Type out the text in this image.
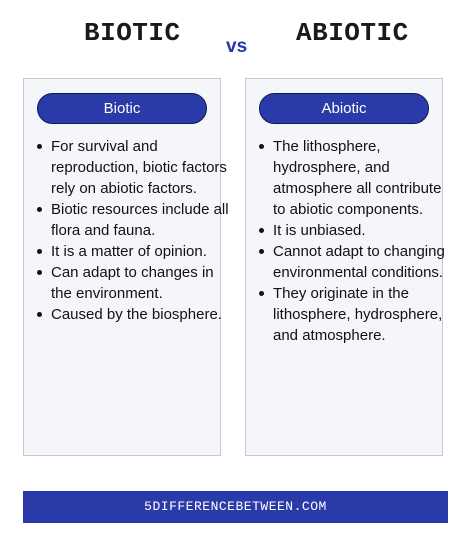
BIOTIC vs ABIOTIC
Biotic
For survival and reproduction, biotic factors rely on abiotic factors.
Biotic resources include all flora and fauna.
It is a matter of opinion.
Can adapt to changes in the environment.
Caused by the biosphere.
Abiotic
The lithosphere, hydrosphere, and atmosphere all contribute to abiotic components.
It is unbiased.
Cannot adapt to changing environmental conditions.
They originate in the lithosphere, hydrosphere, and atmosphere.
5DIFFERENCEBETWEEN.COM
